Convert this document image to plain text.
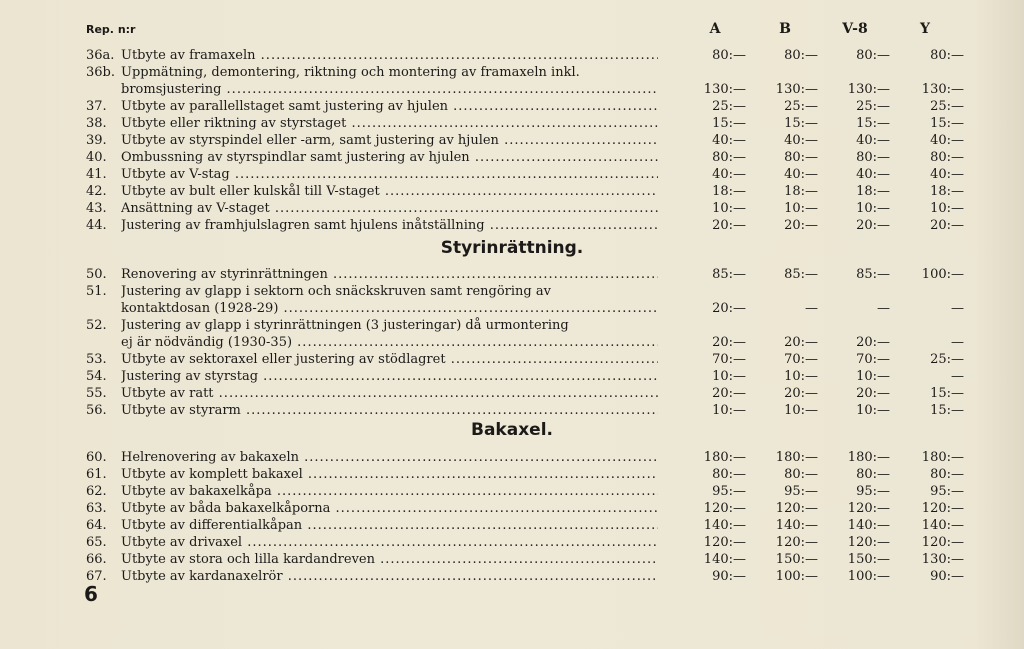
Rep. n:r	A	B	V-8	Y
36a. Utbyte av framaxeln .....	80:—	80:—	80:—	80:—
36b. Uppmätning, demontering, riktning och montering av framaxeln inkl.
bromsjustering .....	130:—	130:—	130:—	130:—
37.	Utbyte av parallellstaget samt justering av hjulen .....	25:—	25:—	25:—	25:—
38.	Utbyte eller riktning av styrstaget .....	15:—	15:—	15:—	15:—
39.	Utbyte av styrspindel eller -arm, samt justering av hjulen .....	40:—	40:—	40:—	40:—
40.	Ombussning av styrspindlar samt justering av hjulen .....	80:—	80:—	80:—	80:—
41.	Utbyte av V-stag .....	40:—	40:—	40:—	40:—
42.	Utbyte av bult eller kulskål till V-staget .....	18:—	18:—	18:—	18:—
43.	Ansättning av V-staget .....	10:—	10:—	10:—	10:—
44.	Justering av framhjulslagren samt hjulens inåtställning .....	20:—	20:—	20:—	20:—
50.	Renovering av styrinrättningen .....	85:—	85:—	85:—	100:—
51.	Justering av glapp i sektorn och snäckskruven samt rengöring av
kontaktdosan (1928-29) .....	20:—	—	—	—
52.	Justering av glapp i styrinrättningen (3 justeringar) då urmontering
ej är nödvändig (1930-35) .....	20:—	20:—	20:—	—
53.	Utbyte av sektoraxel eller justering av stödlagret .....	70:—	70:—	70:—	25:—
54.	Justering av styrstag .....	10:—	10:—	10:—	—
55.	Utbyte av ratt .....	20:—	20:—	20:—	15:—
56.	Utbyte av styrarm .....	10:—	10:—	10:—	15:—
60.	Helrenovering av bakaxeln .....	180:—	180:—	180:—	180:—
61.	Utbyte av komplett bakaxel .....	80:—	80:—	80:—	80:—
62.	Utbyte av bakaxelkåpa .....	95:—	95:—	95:—	95:—
63.	Utbyte av båda bakaxelkåporna .....	120:—	120:—	120:—	120:—
64.	Utbyte av differentialkåpan .....	140:—	140:—	140:—	140:—
65.	Utbyte av drivaxel .....	120:—	120:—	120:—	120:—
66.	Utbyte av stora och lilla kardandreven .....	140:—	150:—	150:—	130:—
67.	Utbyte av kardanaxelrör .....	90:—	100:—	100:—	90:—
Styrinrättning.
Bakaxel.
6
